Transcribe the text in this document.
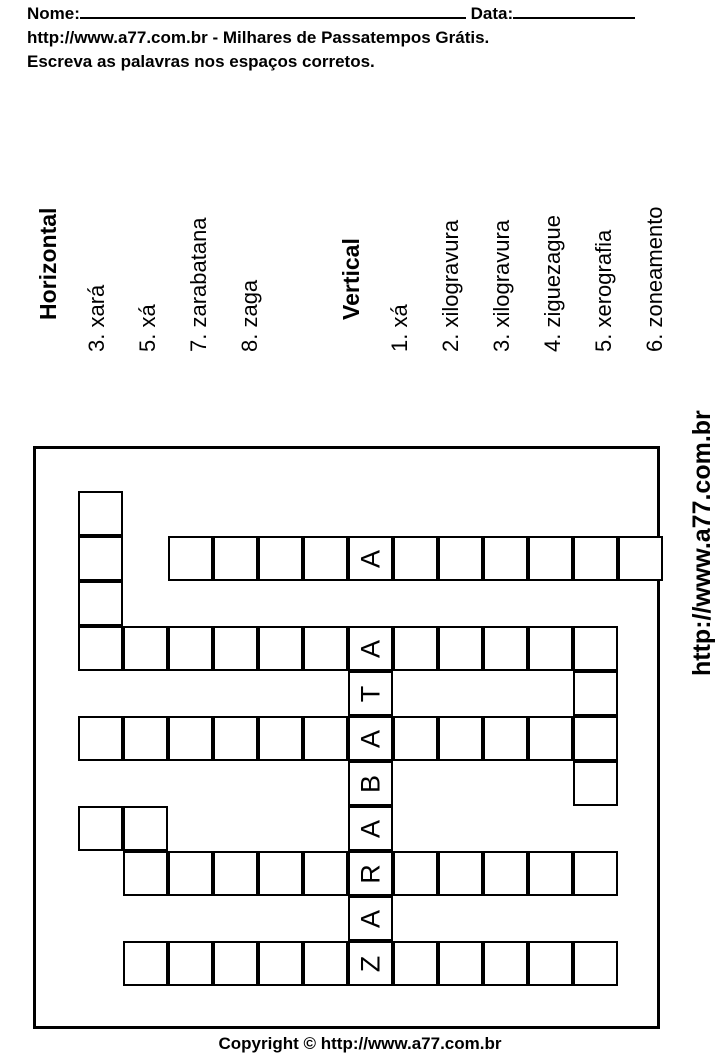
Nome:	Data:
http://www.a77.com.br - Milhares de Passatempos Grátis.
Escreva as palavras nos espaços corretos.
Horizontal 3. xará 5. xá 7. zarabatana 8. zaga	Vertical
1. xá 2. xilogravura 3. xilogravura 4. ziguezague 5. xerografia 6. zoneamento
http://www.a77.com.br
A
A
T
A
B
A
R
A
Z
Copyright © http://www.a77.com.br
